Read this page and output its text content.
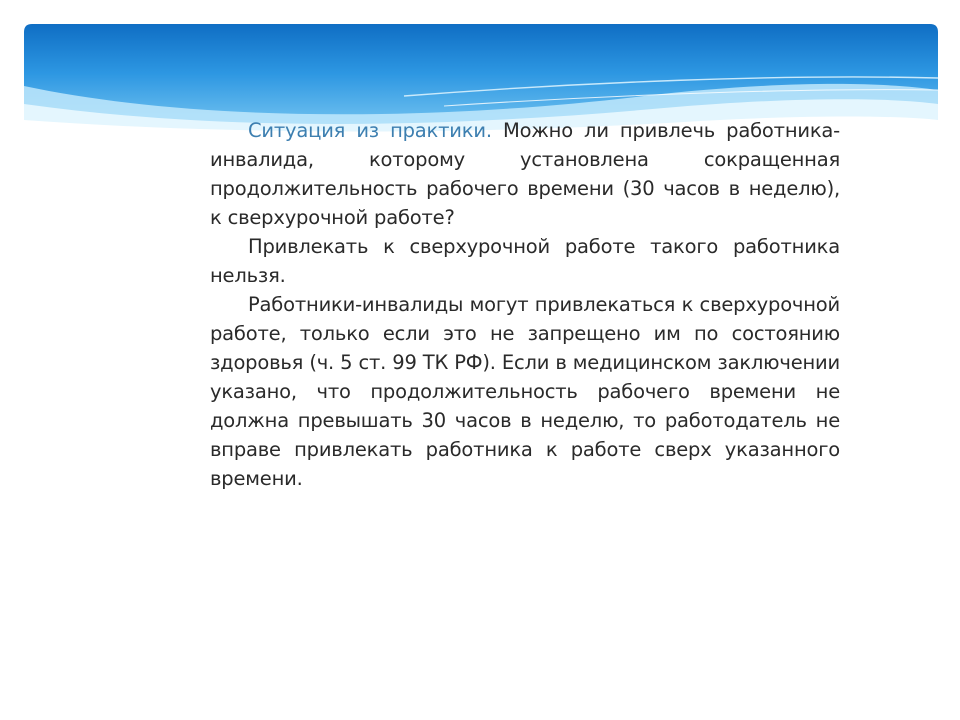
Ситуация из практики. Можно ли привлечь работника-инвалида, которому установлена сокращенная продолжительность рабочего времени (30 часов в неделю), к сверхурочной работе?

Привлекать к сверхурочной работе такого работника нельзя.

Работники-инвалиды могут привлекаться к сверхурочной работе, только если это не запрещено им по состоянию здоровья (ч. 5 ст. 99 ТК РФ). Если в медицинском заключении указано, что продолжительность рабочего времени не должна превышать 30 часов в неделю, то работодатель не вправе привлекать работника к работе сверх указанного времени.
